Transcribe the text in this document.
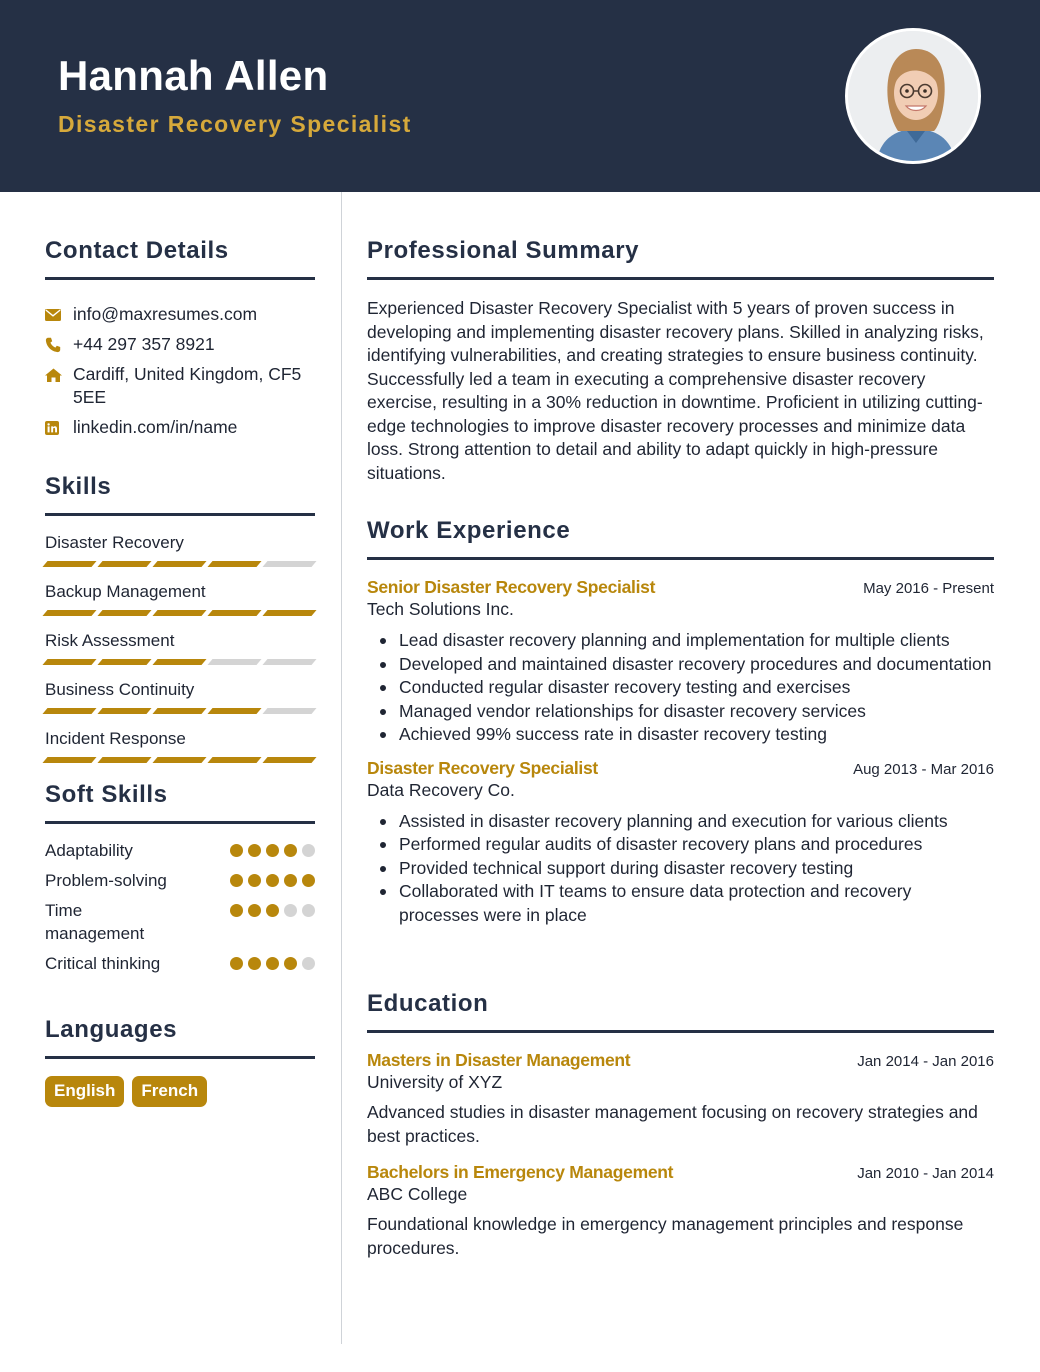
Hannah Allen
Disaster Recovery Specialist
Contact Details
info@maxresumes.com
+44 297 357 8921
Cardiff, United Kingdom, CF5 5EE
linkedin.com/in/name
Skills
Disaster Recovery
Backup Management
Risk Assessment
Business Continuity
Incident Response
Soft Skills
Adaptability
Problem-solving
Time management
Critical thinking
Languages
English	French
Professional Summary
Experienced Disaster Recovery Specialist with 5 years of proven success in developing and implementing disaster recovery plans. Skilled in analyzing risks, identifying vulnerabilities, and creating strategies to ensure business continuity. Successfully led a team in executing a comprehensive disaster recovery exercise, resulting in a 30% reduction in downtime. Proficient in utilizing cutting-edge technologies to improve disaster recovery processes and minimize data loss. Strong attention to detail and ability to adapt quickly in high-pressure situations.
Work Experience
Senior Disaster Recovery Specialist	May 2016 - Present
Tech Solutions Inc.
Lead disaster recovery planning and implementation for multiple clients
Developed and maintained disaster recovery procedures and documentation
Conducted regular disaster recovery testing and exercises
Managed vendor relationships for disaster recovery services
Achieved 99% success rate in disaster recovery testing
Disaster Recovery Specialist	Aug 2013 - Mar 2016
Data Recovery Co.
Assisted in disaster recovery planning and execution for various clients
Performed regular audits of disaster recovery plans and procedures
Provided technical support during disaster recovery testing
Collaborated with IT teams to ensure data protection and recovery processes were in place
Education
Masters in Disaster Management	Jan 2014 - Jan 2016
University of XYZ
Advanced studies in disaster management focusing on recovery strategies and best practices.
Bachelors in Emergency Management	Jan 2010 - Jan 2014
ABC College
Foundational knowledge in emergency management principles and response procedures.
